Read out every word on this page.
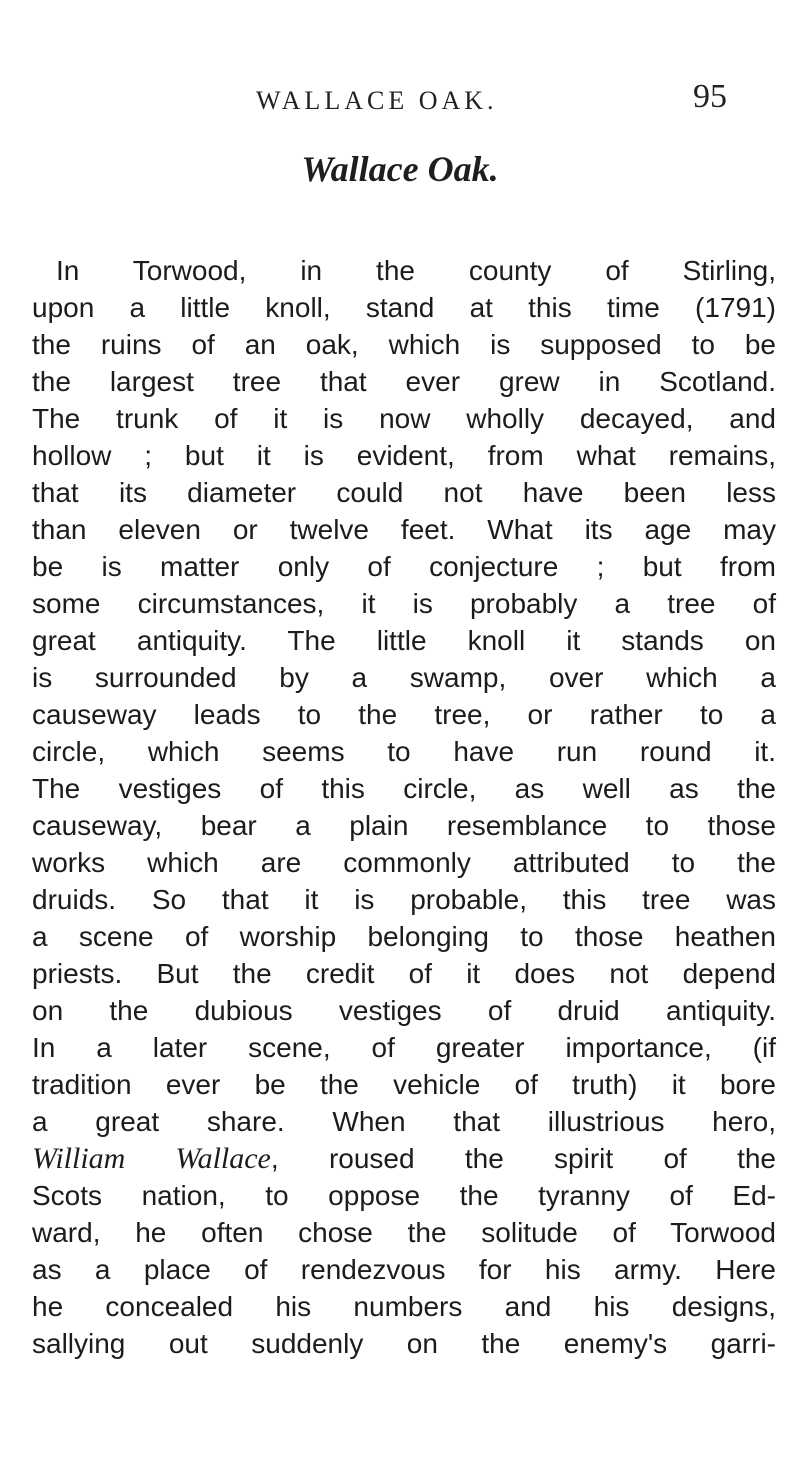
WALLACE OAK.	95
Wallace Oak.
In Torwood, in the county of Stirling,
upon a little knoll, stand at this time (1791)
the ruins of an oak, which is supposed to be
the largest tree that ever grew in Scotland.
The trunk of it is now wholly decayed, and
hollow ; but it is evident, from what remains,
that its diameter could not have been less
than eleven or twelve feet. What its age may
be is matter only of conjecture ; but from
some circumstances, it is probably a tree of
great antiquity. The little knoll it stands on
is surrounded by a swamp, over which a
causeway leads to the tree, or rather to a
circle, which seems to have run round it.
The vestiges of this circle, as well as the
causeway, bear a plain resemblance to those
works which are commonly attributed to the
druids. So that it is probable, this tree was
a scene of worship belonging to those heathen
priests. But the credit of it does not depend
on the dubious vestiges of druid antiquity.
In a later scene, of greater importance, (if
tradition ever be the vehicle of truth) it bore
a great share. When that illustrious hero,
William Wallace, roused the spirit of the
Scots nation, to oppose the tyranny of Ed-
ward, he often chose the solitude of Torwood
as a place of rendezvous for his army. Here
he concealed his numbers and his designs,
sallying out suddenly on the enemy's garri-
